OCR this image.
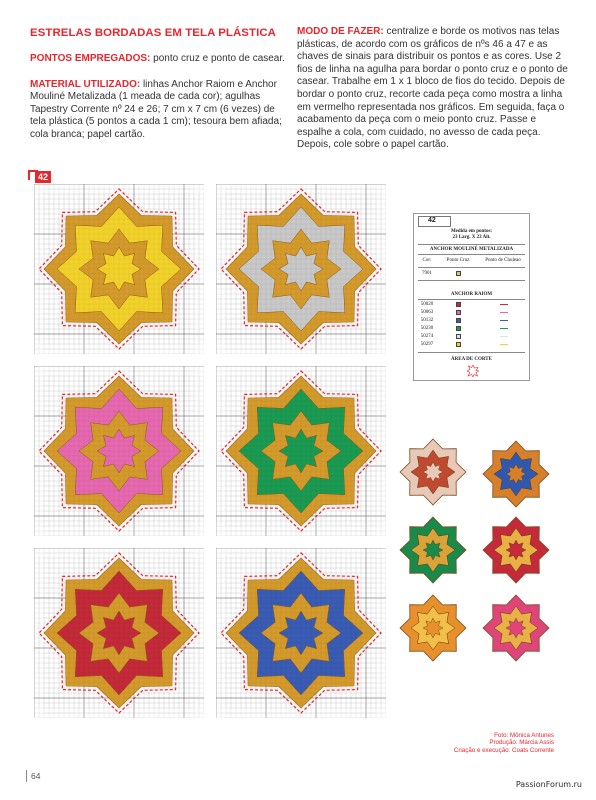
ESTRELAS BORDADAS EM TELA PLÁSTICA

PONTOS EMPREGADOS: ponto cruz e ponto de casear.

MATERIAL UTILIZADO: linhas Anchor Raiom e Anchor Mouliné Metalizada (1 meada de cada cor); agulhas Tapestry Corrente nº 24 e 26; 7 cm x 7 cm (6 vezes) de tela plástica (5 pontos a cada 1 cm); tesoura bem afiada; cola branca; papel cartão.

MODO DE FAZER: centralize e borde os motivos nas telas plásticas, de acordo com os gráficos de nºs 46 a 47 e as chaves de sinais para distribuir os pontos e as cores. Use 2 fios de linha na agulha para bordar o ponto cruz e o ponto de casear. Trabalhe em 1 x 1 bloco de fios do tecido. Depois de bordar o ponto cruz, recorte cada peça como mostra a linha em vermelho representada nos gráficos. Em seguida, faça o acabamento da peça com o meio ponto cruz. Passe e espalhe a cola, com cuidado, no avesso de cada peça. Depois, cole sobre o papel cartão.

42
42
Medida em pontos:
23 Larg. X 23 Alt.
ANCHOR MOULINÉ METALIZADA
Cor:	Ponto Cruz	Ponto de Chuleao
7901
ANCHOR RAIOM
50020
50063
50132
50230
50274
50297
ÁREA DE CORTE
Foto: Mônica Antunes
Produção: Márcia Assis
Criação e execução: Coats Corrente
64
PassionForum.ru
